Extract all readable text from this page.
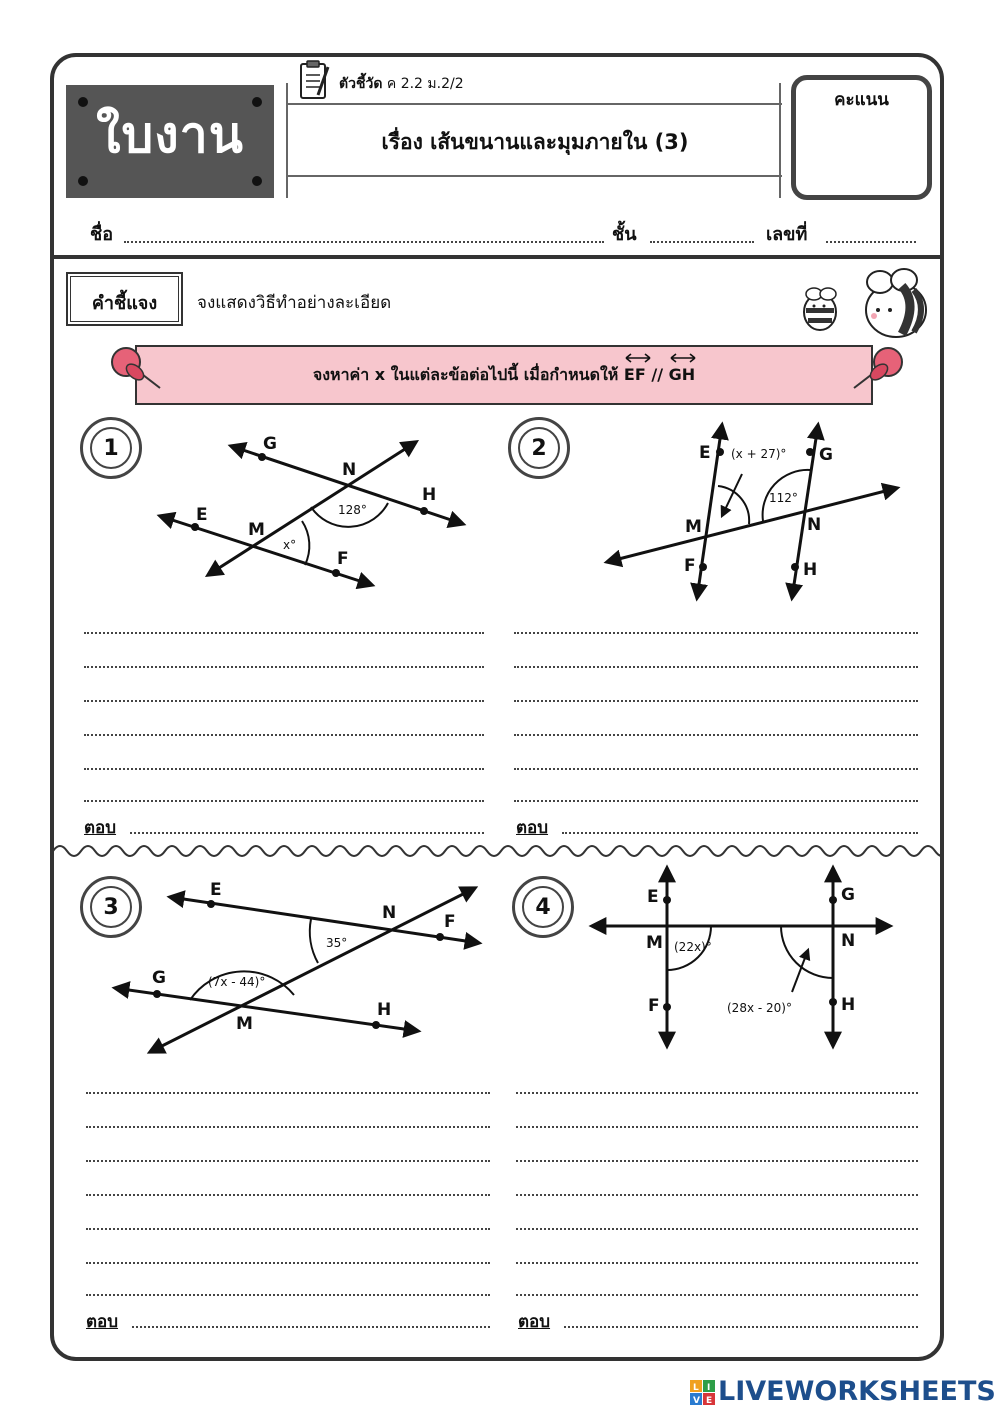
ใบงาน
ตัวชี้วัด ค 2.2 ม.2/2
เรื่อง เส้นขนานและมุมภายใน (3)
คะแนน
ชื่อ	ชั้น	เลขที่
คำชี้แจง	จงแสดงวิธีทำอย่างละเอียด
จงหาค่า x ในแต่ละข้อต่อไปนี้ เมื่อกำหนดให้ EF // GH
1	2
3	4
G
N
H
E
M
F
E	G
M	N
F	H
E
N	F
G
M
H
E	G
M	N
F	H
128°
x°
(x + 27)°
112°
35°
(7x - 44)°
(22x)°
(28x - 20)°
ตอบ	ตอบ
ตอบ	ตอบ
L I
V E LIVEWORKSHEETS
